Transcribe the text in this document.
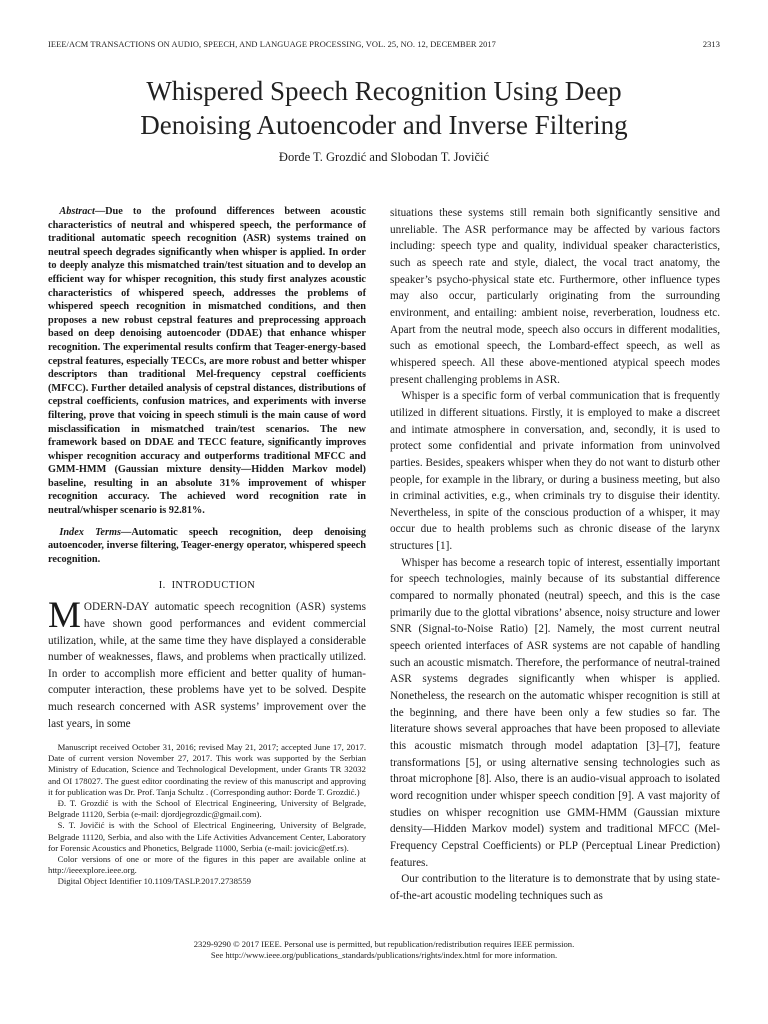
IEEE/ACM TRANSACTIONS ON AUDIO, SPEECH, AND LANGUAGE PROCESSING, VOL. 25, NO. 12, DECEMBER 2017	2313
Whispered Speech Recognition Using Deep
Denoising Autoencoder and Inverse Filtering
Đorđe T. Grozdić and Slobodan T. Jovičić

Abstract—Due to the profound differences between acoustic characteristics of neutral and whispered speech, the performance of traditional automatic speech recognition (ASR) systems trained on neutral speech degrades significantly when whisper is applied. In order to deeply analyze this mismatched train/test situation and to develop an efficient way for whisper recognition, this study first analyzes acoustic characteristics of whispered speech, addresses the problems of whispered speech recognition in mismatched conditions, and then proposes a new robust cepstral features and preprocessing approach based on deep denoising autoencoder (DDAE) that enhance whisper recognition. The experimental results confirm that Teager-energy-based cepstral features, especially TECCs, are more robust and better whisper descriptors than traditional Mel-frequency cepstral coefficients (MFCC). Further detailed analysis of cepstral distances, distributions of cepstral coefficients, confusion matrices, and experiments with inverse filtering, prove that voicing in speech stimuli is the main cause of word misclassification in mismatched train/test scenarios. The new framework based on DDAE and TECC feature, significantly improves whisper recognition accuracy and outperforms traditional MFCC and GMM-HMM (Gaussian mixture density—Hidden Markov model) baseline, resulting in an absolute 31% improvement of whisper recognition accuracy. The achieved word recognition rate in neutral/whisper scenario is 92.81%.

Index Terms—Automatic speech recognition, deep denoising autoencoder, inverse filtering, Teager-energy operator, whispered speech recognition.

I. INTRODUCTION

MODERN-DAY automatic speech recognition (ASR) systems have shown good performances and evident commercial utilization, while, at the same time they have displayed a considerable number of weaknesses, flaws, and problems when practically utilized. In order to accomplish more efficient and better quality of human-computer interaction, these problems have yet to be solved. Despite much research concerned with ASR systems’ improvement over the last years, in some

Manuscript received October 31, 2016; revised May 21, 2017; accepted June 17, 2017. Date of current version November 27, 2017. This work was supported by the Serbian Ministry of Education, Science and Technological Development, under Grants TR 32032 and OI 178027. The guest editor coordinating the review of this manuscript and approving it for publication was Dr. Prof. Tanja Schultz . (Corresponding author: Đorđe T. Grozdić.)

Đ. T. Grozdić is with the School of Electrical Engineering, University of Belgrade, Belgrade 11120, Serbia (e-mail: djordjegrozdic@gmail.com).

S. T. Jovičić is with the School of Electrical Engineering, University of Belgrade, Belgrade 11120, Serbia, and also with the Life Activities Advancement Center, Laboratory for Forensic Acoustics and Phonetics, Belgrade 11000, Serbia (e-mail: jovicic@etf.rs).

Color versions of one or more of the figures in this paper are available online at http://ieeexplore.ieee.org.

Digital Object Identifier 10.1109/TASLP.2017.2738559

situations these systems still remain both significantly sensitive and unreliable. The ASR performance may be affected by various factors including: speech type and quality, individual speaker characteristics, such as speech rate and style, dialect, the vocal tract anatomy, the speaker’s psycho-physical state etc. Furthermore, other influence types may also occur, particularly originating from the surrounding environment, and entailing: ambient noise, reverberation, loudness etc. Apart from the neutral mode, speech also occurs in different modalities, such as emotional speech, the Lombard-effect speech, as well as whispered speech. All these above-mentioned atypical speech modes present challenging problems in ASR.

Whisper is a specific form of verbal communication that is frequently utilized in different situations. Firstly, it is employed to make a discreet and intimate atmosphere in conversation, and, secondly, it is used to protect some confidential and private information from uninvolved parties. Besides, speakers whisper when they do not want to disturb other people, for example in the library, or during a business meeting, but also in criminal activities, e.g., when criminals try to disguise their identity. Nevertheless, in spite of the conscious production of a whisper, it may occur due to health problems such as chronic disease of the larynx structures [1].

Whisper has become a research topic of interest, essentially important for speech technologies, mainly because of its substantial difference compared to normally phonated (neutral) speech, and this is the case primarily due to the glottal vibrations’ absence, noisy structure and lower SNR (Signal-to-Noise Ratio) [2]. Namely, the most current neutral speech oriented interfaces of ASR systems are not capable of handling such an acoustic mismatch. Therefore, the performance of neutral-trained ASR systems degrades significantly when whisper is applied. Nonetheless, the research on the automatic whisper recognition is still at the beginning, and there have been only a few studies so far. The literature shows several approaches that have been proposed to alleviate this acoustic mismatch through model adaptation [3]–[7], feature transformations [5], or using alternative sensing technologies such as throat microphone [8]. Also, there is an audio-visual approach to isolated word recognition under whisper speech condition [9]. A vast majority of studies on whisper recognition use GMM-HMM (Gaussian mixture density—Hidden Markov model) system and traditional MFCC (Mel-Frequency Cepstral Coefficients) or PLP (Perceptual Linear Prediction) features.

Our contribution to the literature is to demonstrate that by using state-of-the-art acoustic modeling techniques such as

2329-9290 © 2017 IEEE. Personal use is permitted, but republication/redistribution requires IEEE permission.
See http://www.ieee.org/publications_standards/publications/rights/index.html for more information.
